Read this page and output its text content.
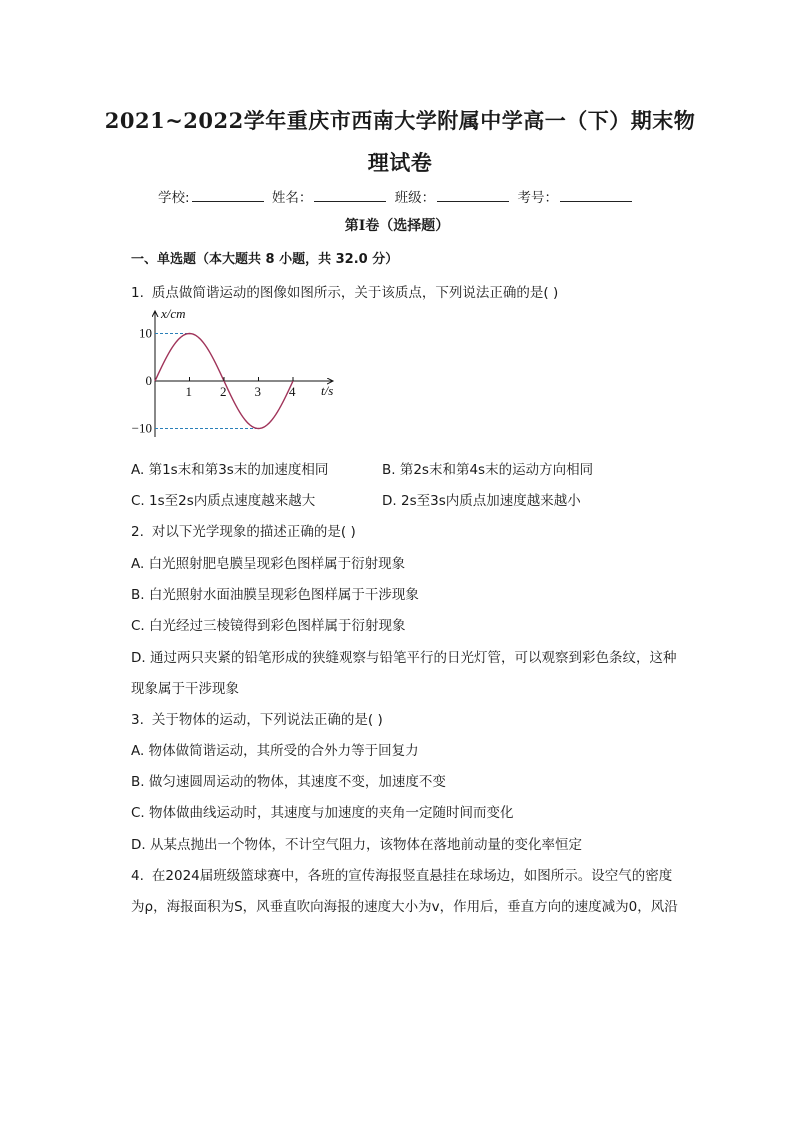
2021~2022学年重庆市西南大学附属中学高一（下）期末物理试卷
学校:	姓名：	班级：	考号：
第I卷（选择题）
一、单选题（本大题共 8 小题，共 32.0 分）
1. 质点做简谐运动的图像如图所示，关于该质点，下列说法正确的是( )
1 2 3 4
10
0
−10
x/cm
t/s
A. 第1s末和第3s末的加速度相同	B. 第2s末和第4s末的运动方向相同
C. 1s至2s内质点速度越来越大	D. 2s至3s内质点加速度越来越小
2. 对以下光学现象的描述正确的是( )
A. 白光照射肥皂膜呈现彩色图样属于衍射现象
B. 白光照射水面油膜呈现彩色图样属于干涉现象
C. 白光经过三棱镜得到彩色图样属于衍射现象
D. 通过两只夹紧的铅笔形成的狭缝观察与铅笔平行的日光灯管，可以观察到彩色条纹，这种
现象属于干涉现象
3. 关于物体的运动，下列说法正确的是( )
A. 物体做简谐运动，其所受的合外力等于回复力
B. 做匀速圆周运动的物体，其速度不变，加速度不变
C. 物体做曲线运动时，其速度与加速度的夹角一定随时间而变化
D. 从某点抛出一个物体，不计空气阻力，该物体在落地前动量的变化率恒定
4. 在2024届班级篮球赛中，各班的宣传海报竖直悬挂在球场边，如图所示。设空气的密度
为ρ，海报面积为S，风垂直吹向海报的速度大小为v，作用后，垂直方向的速度减为0，风沿
